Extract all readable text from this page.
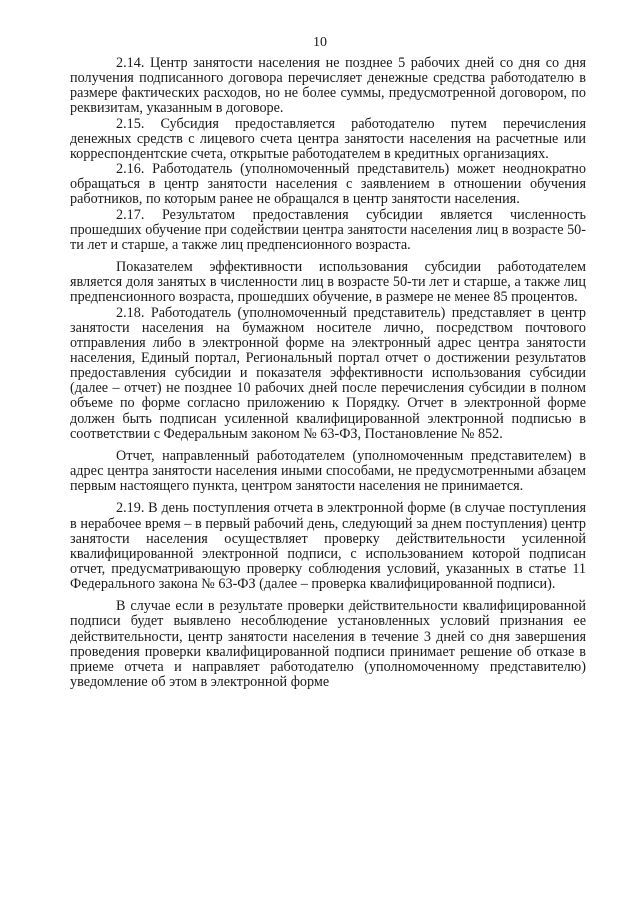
10

2.14. Центр занятости населения не позднее 5 рабочих дней со дня со дня получения подписанного договора перечисляет денежные средства работодателю в размере фактических расходов, но не более суммы, предусмотренной договором, по реквизитам, указанным в договоре.

2.15. Субсидия предоставляется работодателю путем перечисления денежных средств с лицевого счета центра занятости населения на расчетные или корреспондентские счета, открытые работодателем в кредитных организациях.

2.16. Работодатель (уполномоченный представитель) может неоднократно обращаться в центр занятости населения с заявлением в отношении обучения работников, по которым ранее не обращался в центр занятости населения.

2.17. Результатом предоставления субсидии является численность прошедших обучение при содействии центра занятости населения лиц в возрасте 50-ти лет и старше, а также лиц предпенсионного возраста.

Показателем эффективности использования субсидии работодателем является доля занятых в численности лиц в возрасте 50-ти лет и старше, а также лиц предпенсионного возраста, прошедших обучение, в размере не менее 85 процентов.

2.18. Работодатель (уполномоченный представитель) представляет в центр занятости населения на бумажном носителе лично, посредством почтового отправления либо в электронной форме на электронный адрес центра занятости населения, Единый портал, Региональный портал отчет о достижении результатов предоставления субсидии и показателя эффективности использования субсидии (далее – отчет) не позднее 10 рабочих дней после перечисления субсидии в полном объеме по форме согласно приложению к Порядку. Отчет в электронной форме должен быть подписан усиленной квалифицированной электронной подписью в соответствии с Федеральным законом № 63-ФЗ, Постановление № 852.

Отчет, направленный работодателем (уполномоченным представителем) в адрес центра занятости населения иными способами, не предусмотренными абзацем первым настоящего пункта, центром занятости населения не принимается.

2.19. В день поступления отчета в электронной форме (в случае поступления в нерабочее время – в первый рабочий день, следующий за днем поступления) центр занятости населения осуществляет проверку действительности усиленной квалифицированной электронной подписи, с использованием которой подписан отчет, предусматривающую проверку соблюдения условий, указанных в статье 11 Федерального закона № 63-ФЗ (далее – проверка квалифицированной подписи).

В случае если в результате проверки действительности квалифицированной подписи будет выявлено несоблюдение установленных условий признания ее действительности, центр занятости населения в течение 3 дней со дня завершения проведения проверки квалифицированной подписи принимает решение об отказе в приеме отчета и направляет работодателю (уполномоченному представителю) уведомление об этом в электронной форме
